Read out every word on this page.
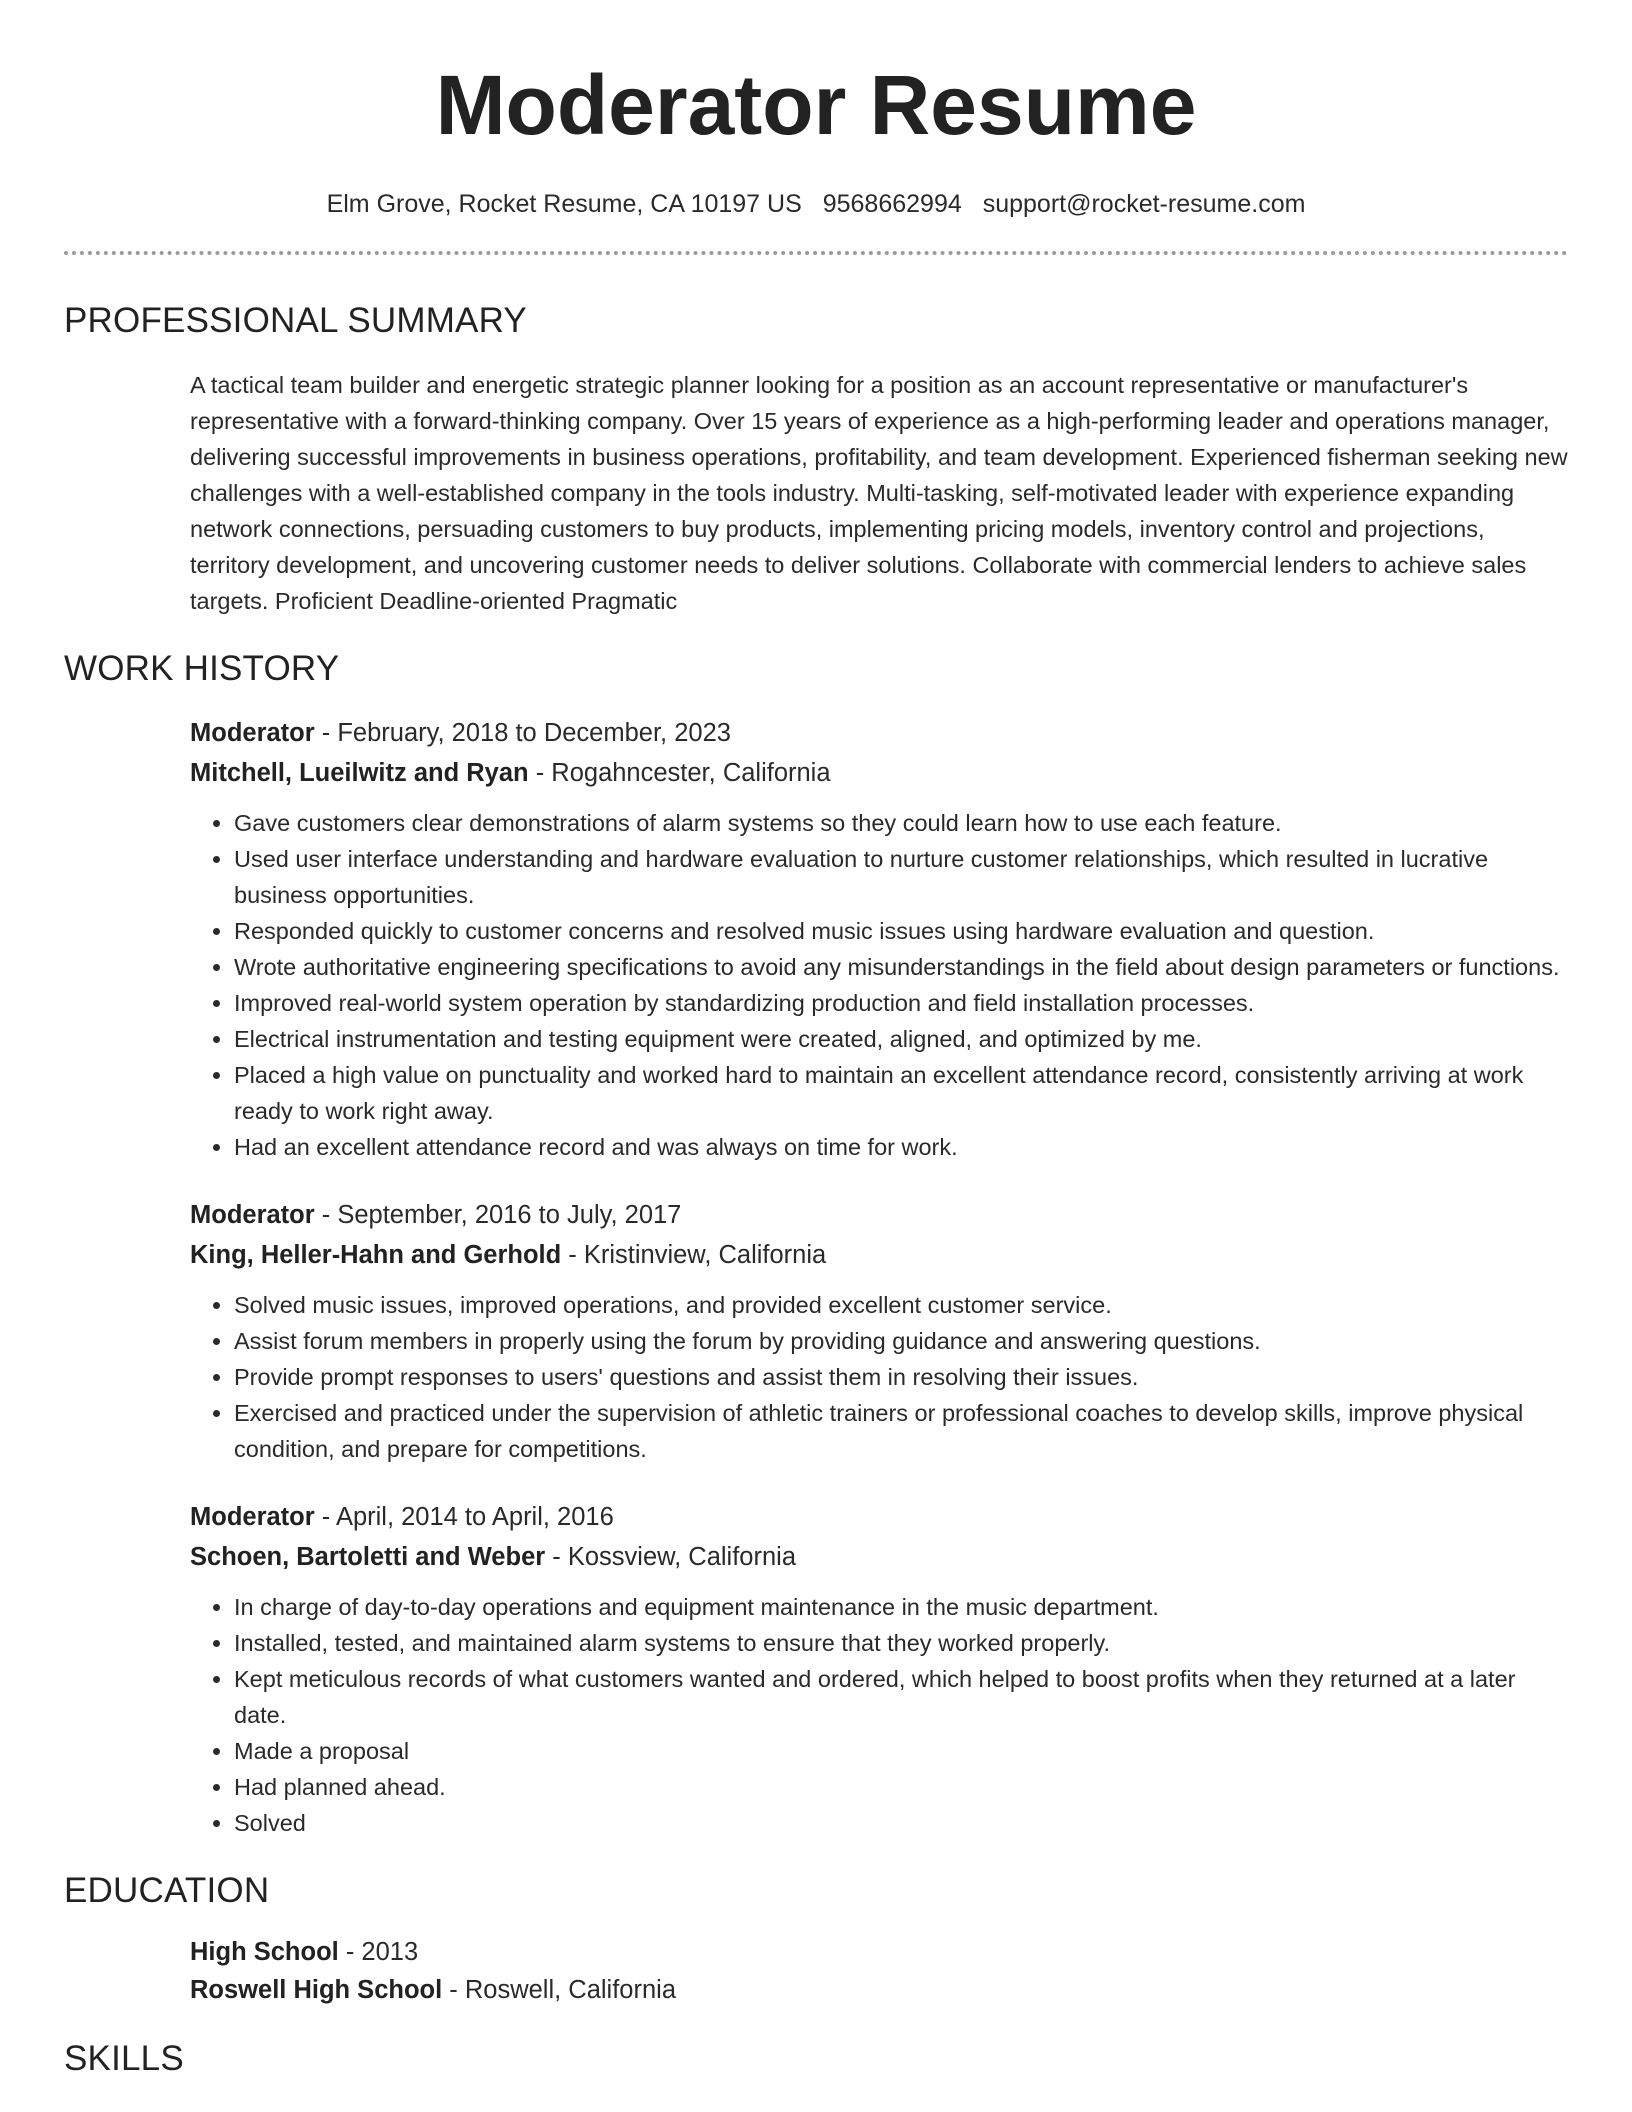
Moderator Resume
Elm Grove, Rocket Resume, CA 10197 US 9568662994 support@rocket-resume.com
PROFESSIONAL SUMMARY

A tactical team builder and energetic strategic planner looking for a position as an account representative or manufacturer's representative with a forward-thinking company. Over 15 years of experience as a high-performing leader and operations manager, delivering successful improvements in business operations, profitability, and team development. Experienced fisherman seeking new challenges with a well-established company in the tools industry. Multi-tasking, self-motivated leader with experience expanding network connections, persuading customers to buy products, implementing pricing models, inventory control and projections, territory development, and uncovering customer needs to deliver solutions. Collaborate with commercial lenders to achieve sales targets. Proficient Deadline-oriented Pragmatic

WORK HISTORY
Moderator - February, 2018 to December, 2023
Mitchell, Lueilwitz and Ryan - Rogahncester, California
• Gave customers clear demonstrations of alarm systems so they could learn how to use each feature.
• Used user interface understanding and hardware evaluation to nurture customer relationships, which resulted in lucrative business opportunities.
• Responded quickly to customer concerns and resolved music issues using hardware evaluation and question.
• Wrote authoritative engineering specifications to avoid any misunderstandings in the field about design parameters or functions.
• Improved real-world system operation by standardizing production and field installation processes.
• Electrical instrumentation and testing equipment were created, aligned, and optimized by me.
• Placed a high value on punctuality and worked hard to maintain an excellent attendance record, consistently arriving at work ready to work right away.
• Had an excellent attendance record and was always on time for work.
Moderator - September, 2016 to July, 2017
King, Heller-Hahn and Gerhold - Kristinview, California
• Solved music issues, improved operations, and provided excellent customer service.
• Assist forum members in properly using the forum by providing guidance and answering questions.
• Provide prompt responses to users' questions and assist them in resolving their issues.
• Exercised and practiced under the supervision of athletic trainers or professional coaches to develop skills, improve physical condition, and prepare for competitions.
Moderator - April, 2014 to April, 2016
Schoen, Bartoletti and Weber - Kossview, California
• In charge of day-to-day operations and equipment maintenance in the music department.
• Installed, tested, and maintained alarm systems to ensure that they worked properly.
• Kept meticulous records of what customers wanted and ordered, which helped to boost profits when they returned at a later date.
• Made a proposal
• Had planned ahead.
• Solved
EDUCATION
High School - 2013
Roswell High School - Roswell, California
SKILLS
